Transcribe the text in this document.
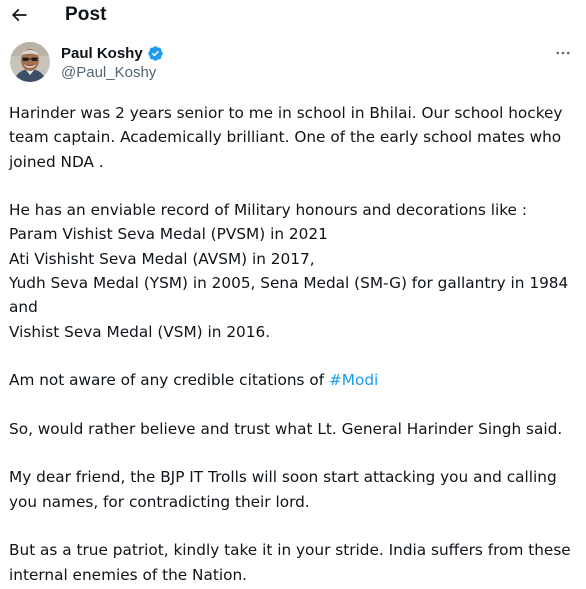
Post
Paul Koshy
@Paul_Koshy

Harinder was 2 years senior to me in school in Bhilai. Our school hockey team captain. Academically brilliant. One of the early school mates who joined NDA .

He has an enviable record of Military honours and decorations like :
Param Vishist Seva Medal (PVSM) in 2021
Ati Vishisht Seva Medal (AVSM) in 2017,
Yudh Seva Medal (YSM) in 2005, Sena Medal (SM-G) for gallantry in 1984 and
Vishist Seva Medal (VSM) in 2016.

Am not aware of any credible citations of #Modi

So, would rather believe and trust what Lt. General Harinder Singh said.

My dear friend, the BJP IT Trolls will soon start attacking you and calling you names, for contradicting their lord.

But as a true patriot, kindly take it in your stride. India suffers from these internal enemies of the Nation.
